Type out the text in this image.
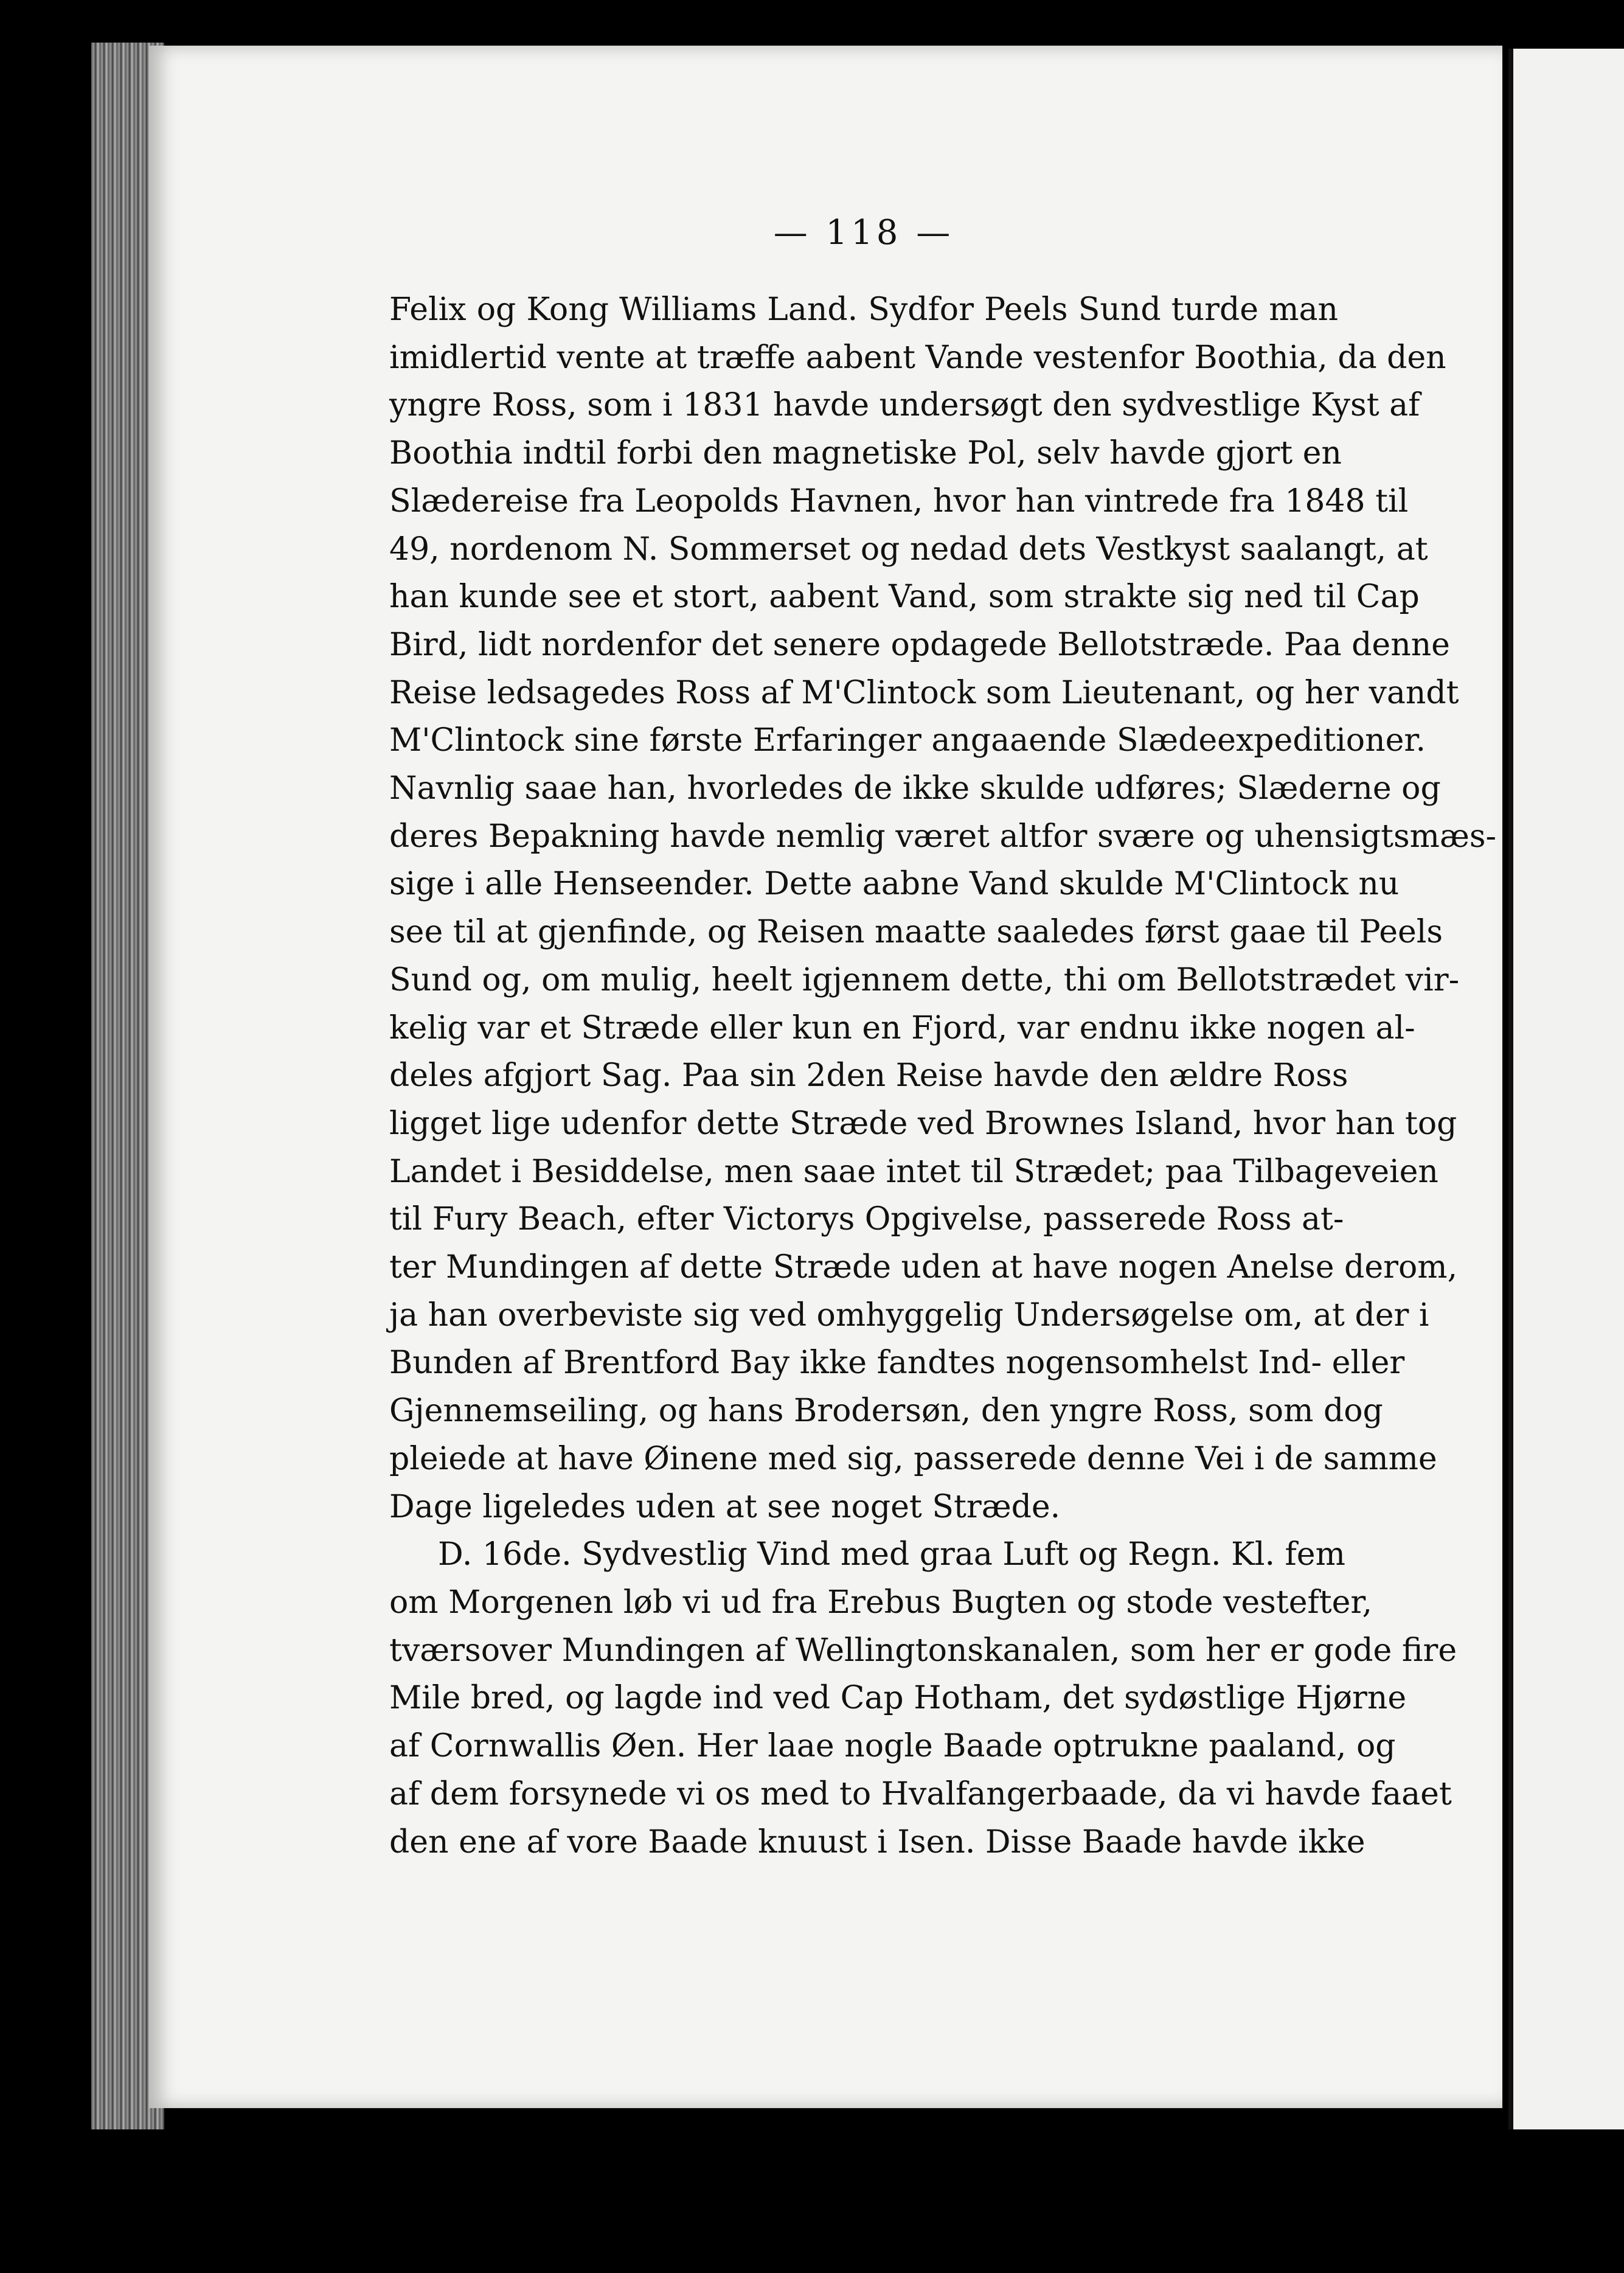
— 118 —
Felix og Kong Williams Land. Sydfor Peels Sund turde man
imidlertid vente at træffe aabent Vande vestenfor Boothia, da den
yngre Ross, som i 1831 havde undersøgt den sydvestlige Kyst af
Boothia indtil forbi den magnetiske Pol, selv havde gjort en
Slædereise fra Leopolds Havnen, hvor han vintrede fra 1848 til
49, nordenom N. Sommerset og nedad dets Vestkyst saalangt, at
han kunde see et stort, aabent Vand, som strakte sig ned til Cap
Bird, lidt nordenfor det senere opdagede Bellotstræde. Paa denne
Reise ledsagedes Ross af M'Clintock som Lieutenant, og her vandt
M'Clintock sine første Erfaringer angaaende Slædeexpeditioner.
Navnlig saae han, hvorledes de ikke skulde udføres; Slæderne og
deres Bepakning havde nemlig været altfor svære og uhensigtsmæs-
sige i alle Henseender. Dette aabne Vand skulde M'Clintock nu
see til at gjenfinde, og Reisen maatte saaledes først gaae til Peels
Sund og, om mulig, heelt igjennem dette, thi om Bellotstrædet vir-
kelig var et Stræde eller kun en Fjord, var endnu ikke nogen al-
deles afgjort Sag. Paa sin 2den Reise havde den ældre Ross
ligget lige udenfor dette Stræde ved Brownes Island, hvor han tog
Landet i Besiddelse, men saae intet til Strædet; paa Tilbageveien
til Fury Beach, efter Victorys Opgivelse, passerede Ross at-
ter Mundingen af dette Stræde uden at have nogen Anelse derom,
ja han overbeviste sig ved omhyggelig Undersøgelse om, at der i
Bunden af Brentford Bay ikke fandtes nogensomhelst Ind- eller
Gjennemseiling, og hans Brodersøn, den yngre Ross, som dog
pleiede at have Øinene med sig, passerede denne Vei i de samme
Dage ligeledes uden at see noget Stræde.
D. 16de. Sydvestlig Vind med graa Luft og Regn. Kl. fem
om Morgenen løb vi ud fra Erebus Bugten og stode vestefter,
tværsover Mundingen af Wellingtonskanalen, som her er gode fire
Mile bred, og lagde ind ved Cap Hotham, det sydøstlige Hjørne
af Cornwallis Øen. Her laae nogle Baade optrukne paaland, og
af dem forsynede vi os med to Hvalfangerbaade, da vi havde faaet
den ene af vore Baade knuust i Isen. Disse Baade havde ikke
